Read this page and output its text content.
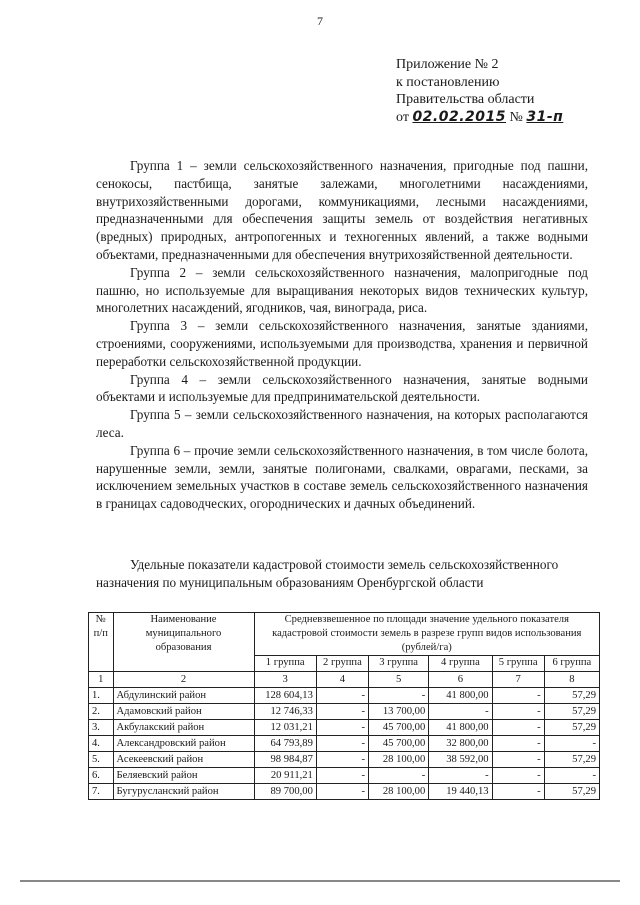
7
Приложение № 2
к постановлению
Правительства области
от 02.02.2015 № 31-п

Группа 1 – земли сельскохозяйственного назначения, пригодные под пашни, сенокосы, пастбища, занятые залежами, многолетними насаждениями, внутрихозяйственными дорогами, коммуникациями, лесными насаждениями, предназначенными для обеспечения защиты земель от воздействия негативных (вредных) природных, антропогенных и техногенных явлений, а также водными объектами, предназначенными для обеспечения внутрихозяйственной деятельности.

Группа 2 – земли сельскохозяйственного назначения, малопригодные под пашню, но используемые для выращивания некоторых видов технических культур, многолетних насаждений, ягодников, чая, винограда, риса.

Группа 3 – земли сельскохозяйственного назначения, занятые зданиями, строениями, сооружениями, используемыми для производства, хранения и первичной переработки сельскохозяйственной продукции.

Группа 4 – земли сельскохозяйственного назначения, занятые водными объектами и используемые для предпринимательской деятельности.

Группа 5 – земли сельскохозяйственного назначения, на которых располагаются леса.

Группа 6 – прочие земли сельскохозяйственного назначения, в том числе болота, нарушенные земли, земли, занятые полигонами, свалками, оврагами, песками, за исключением земельных участков в составе земель сельскохозяйственного назначения в границах садоводческих, огороднических и дачных объединений.

Удельные показатели кадастровой стоимости земель сельскохозяйственного назначения по муниципальным образованиям Оренбургской области
№ п/п	Наименование муниципального образования	Средневзвешенное по площади значение удельного показателя кадастровой стоимости земель в разрезе групп видов использования (рублей/га)					
		1 группа	2 группа	3 группа	4 группа	5 группа	6 группа
1	2	3	4	5	6	7	8
1.	Абдулинский район	128 604,13	-	-	41 800,00	-	57,29
2.	Адамовский район	12 746,33	-	13 700,00	-	-	57,29
3.	Акбулакский район	12 031,21	-	45 700,00	41 800,00	-	57,29
4.	Александровский район	64 793,89	-	45 700,00	32 800,00	-	-
5.	Асекеевский район	98 984,87	-	28 100,00	38 592,00	-	57,29
6.	Беляевский район	20 911,21	-	-	-	-	-
7.	Бугурусланский район	89 700,00	-	28 100,00	19 440,13	-	57,29
